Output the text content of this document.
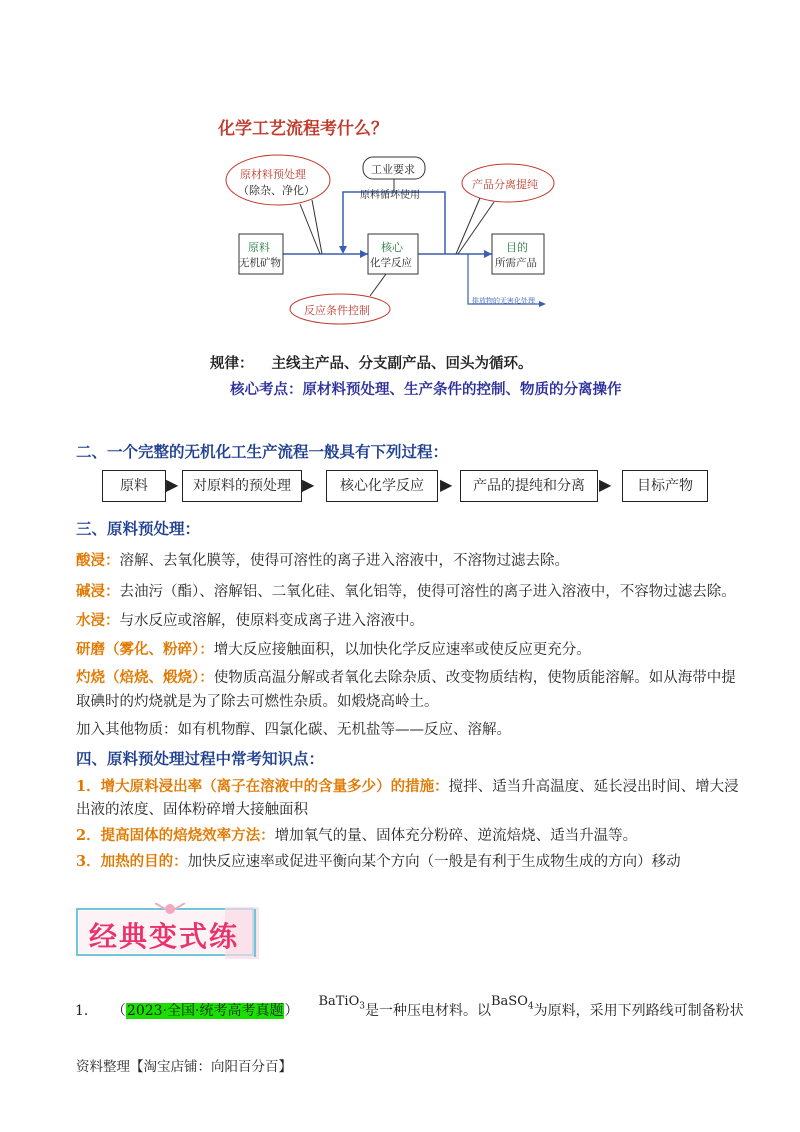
化学工艺流程考什么？
原材料预处理
（除杂、净化）
工业要求
原料循环使用
产品分离提纯
原料
无机矿物
核心
化学反应
目的
所需产品
反应条件控制
排放物的无害化处理
规律： 主线主产品、分支副产品、回头为循环。
核心考点：原材料预处理、生产条件的控制、物质的分离操作
二、一个完整的无机化工生产流程一般具有下列过程：
原料	▶	对原料的预处理 ▶	核心化学反应	▶	产品的提纯和分离 ▶	目标产物
三、原料预处理：
酸浸：溶解、去氧化膜等，使得可溶性的离子进入溶液中，不溶物过滤去除。
碱浸：去油污（酯）、溶解铝、二氧化硅、氧化铝等，使得可溶性的离子进入溶液中，不容物过滤去除。
水浸：与水反应或溶解，使原料变成离子进入溶液中。
研磨（雾化、粉碎）：增大反应接触面积，以加快化学反应速率或使反应更充分。
灼烧（焙烧、煅烧）：使物质高温分解或者氧化去除杂质、改变物质结构，使物质能溶解。如从海带中提
取碘时的灼烧就是为了除去可燃性杂质。如煅烧高岭土。
加入其他物质：如有机物醇、四氯化碳、无机盐等——反应、溶解。
四、原料预处理过程中常考知识点：
1．增大原料浸出率（离子在溶液中的含量多少）的措施：搅拌、适当升高温度、延长浸出时间、增大浸
出液的浓度、固体粉碎增大接触面积
2．提高固体的焙烧效率方法：增加氧气的量、固体充分粉碎、逆流焙烧、适当升温等。
3．加热的目的：加快反应速率或促进平衡向某个方向（一般是有利于生成物生成的方向）移动
经典变式练
1． （2023·全国·统考高考真题）BaTiO$_3$是一种压电材料。以BaSO$_4$为原料，采用下列路线可制备粉状
资料整理【淘宝店铺：向阳百分百】
